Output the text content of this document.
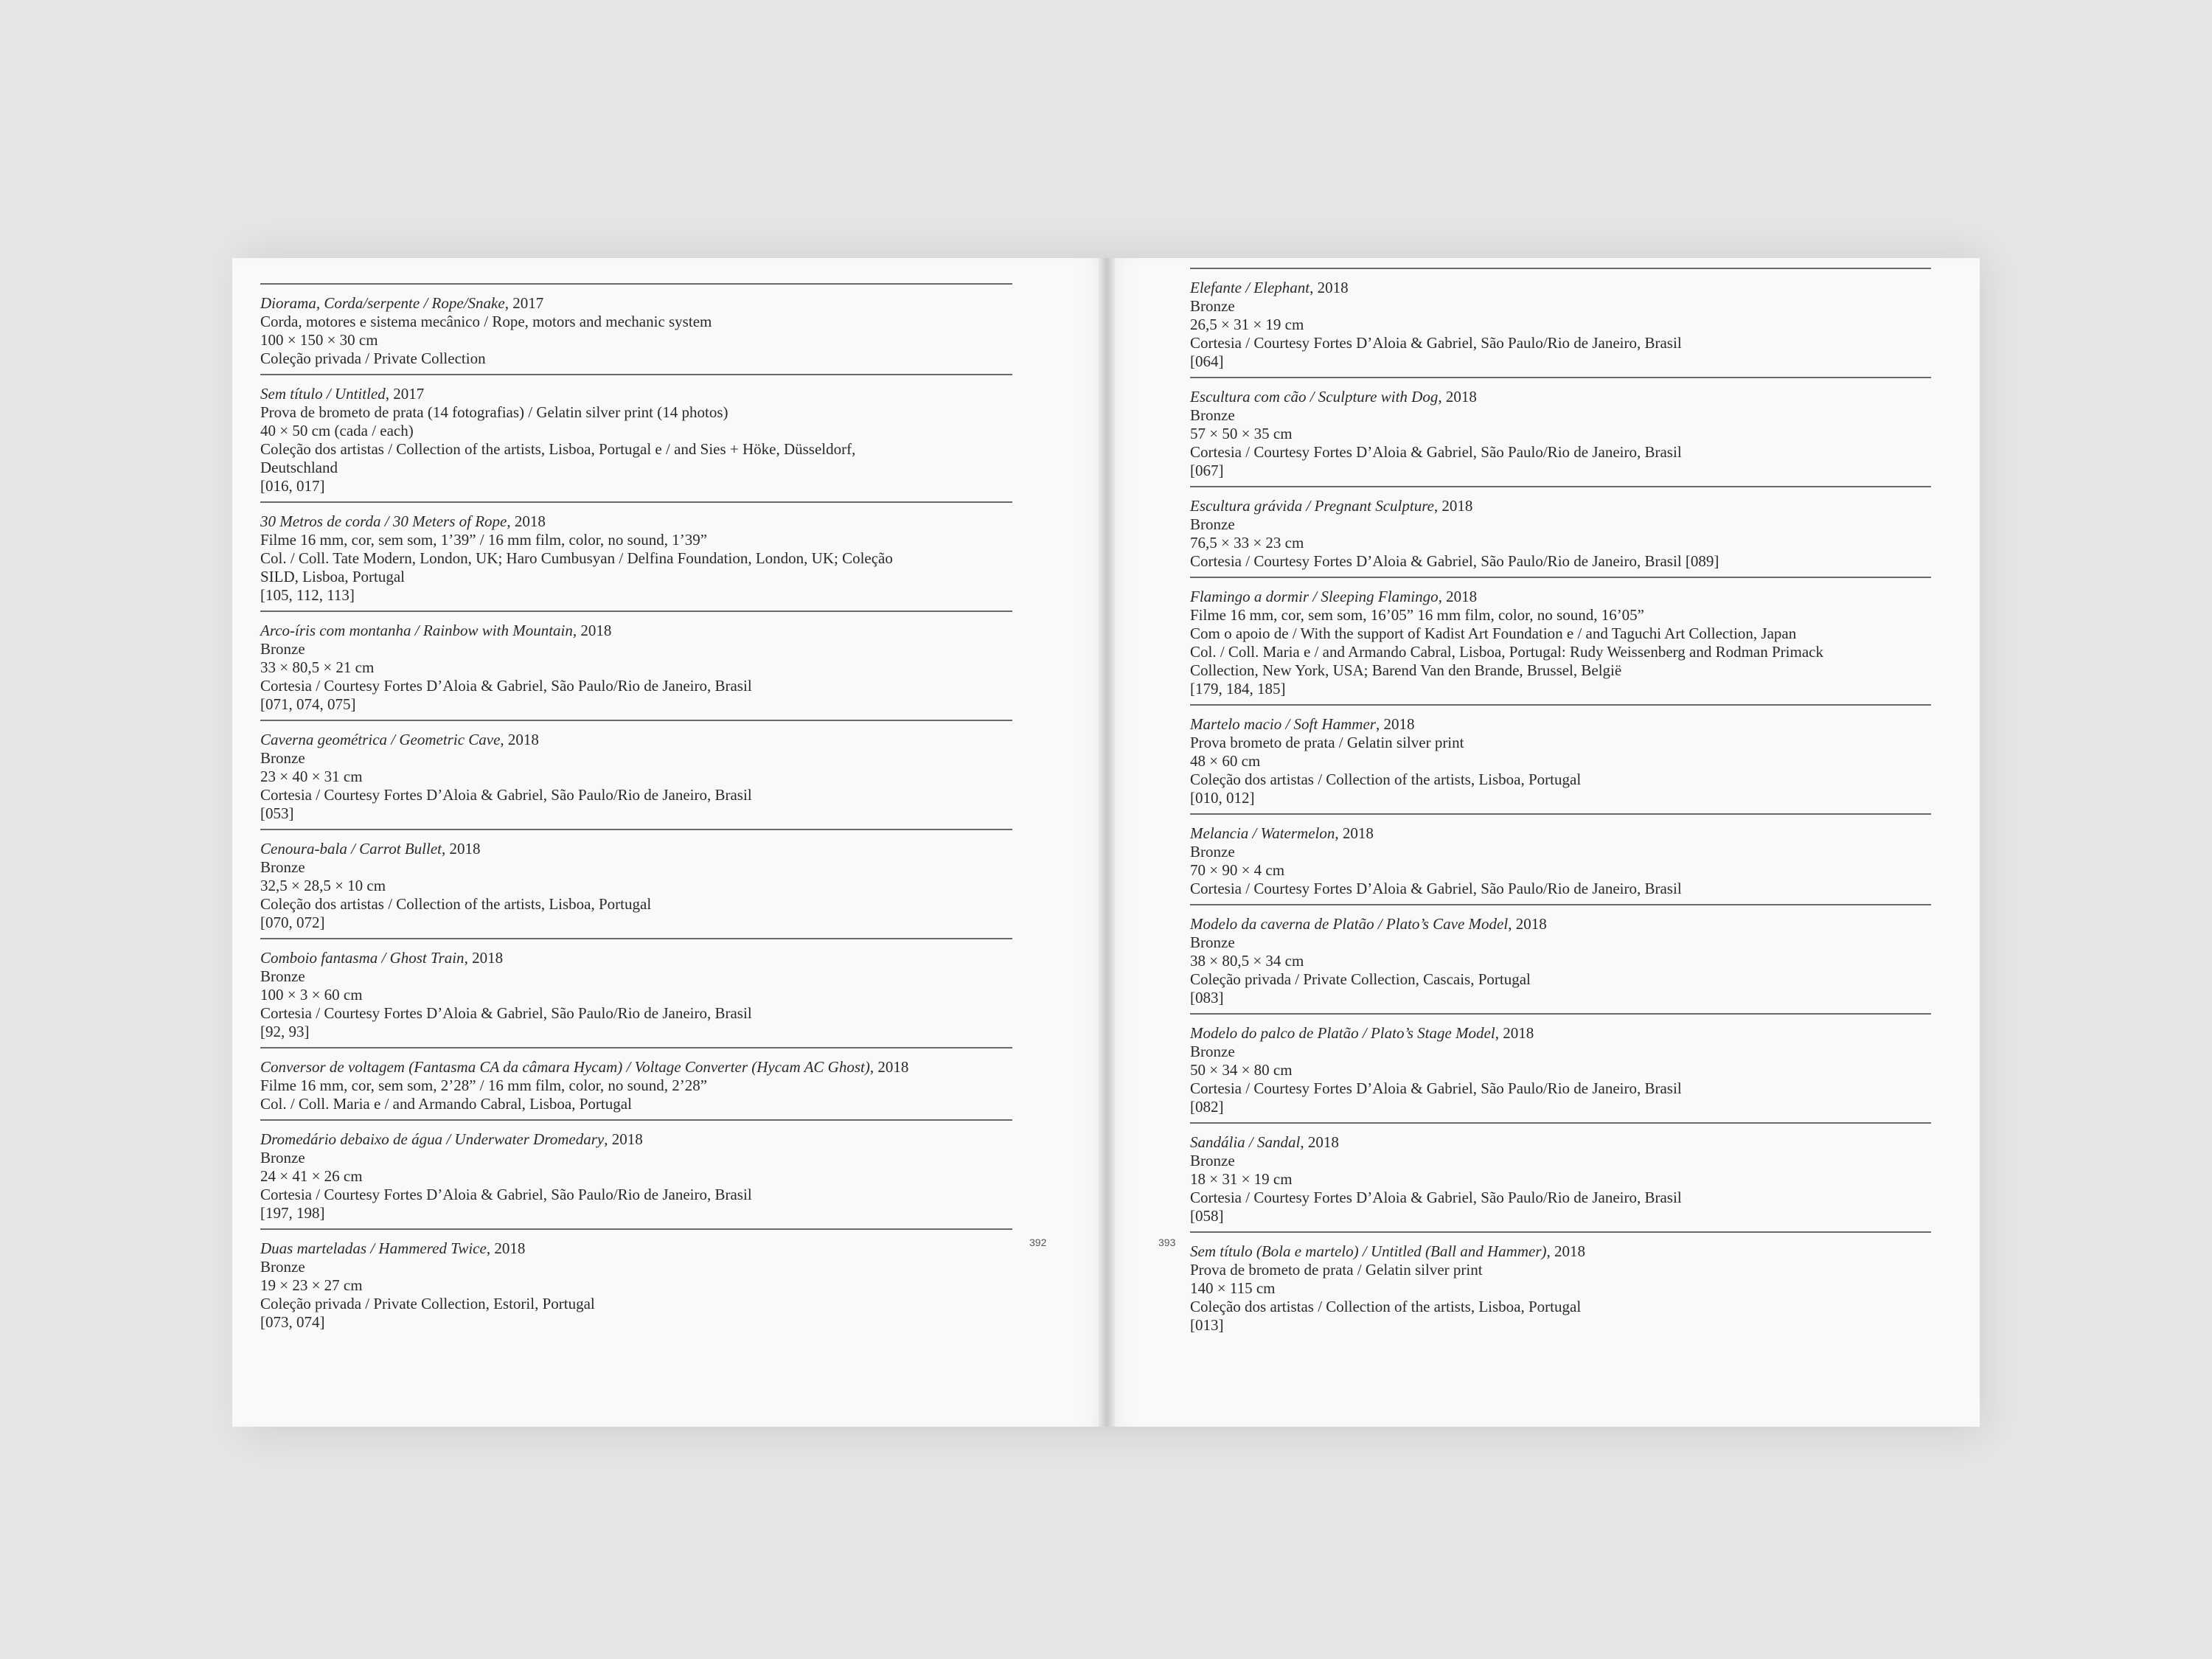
Diorama, Corda/serpente / Rope/Snake, 2017
Corda, motores e sistema mecânico / Rope, motors and mechanic system
100 × 150 × 30 cm
Coleção privada / Private Collection
Sem título / Untitled, 2017
Prova de brometo de prata (14 fotografias) / Gelatin silver print (14 photos)
40 × 50 cm (cada / each)
Coleção dos artistas / Collection of the artists, Lisboa, Portugal e / and Sies + Höke, Düsseldorf,
Deutschland
[016, 017]
30 Metros de corda / 30 Meters of Rope, 2018
Filme 16 mm, cor, sem som, 1’39” / 16 mm film, color, no sound, 1’39”
Col. / Coll. Tate Modern, London, UK; Haro Cumbusyan / Delfina Foundation, London, UK; Coleção
SILD, Lisboa, Portugal
[105, 112, 113]
Arco-íris com montanha / Rainbow with Mountain, 2018
Bronze
33 × 80,5 × 21 cm
Cortesia / Courtesy Fortes D’Aloia & Gabriel, São Paulo/Rio de Janeiro, Brasil
[071, 074, 075]
Caverna geométrica / Geometric Cave, 2018
Bronze
23 × 40 × 31 cm
Cortesia / Courtesy Fortes D’Aloia & Gabriel, São Paulo/Rio de Janeiro, Brasil
[053]
Cenoura-bala / Carrot Bullet, 2018
Bronze
32,5 × 28,5 × 10 cm
Coleção dos artistas / Collection of the artists, Lisboa, Portugal
[070, 072]
Comboio fantasma / Ghost Train, 2018
Bronze
100 × 3 × 60 cm
Cortesia / Courtesy Fortes D’Aloia & Gabriel, São Paulo/Rio de Janeiro, Brasil
[92, 93]
Conversor de voltagem (Fantasma CA da câmara Hycam) / Voltage Converter (Hycam AC Ghost), 2018
Filme 16 mm, cor, sem som, 2’28” / 16 mm film, color, no sound, 2’28”
Col. / Coll. Maria e / and Armando Cabral, Lisboa, Portugal
Dromedário debaixo de água / Underwater Dromedary, 2018
Bronze
24 × 41 × 26 cm
Cortesia / Courtesy Fortes D’Aloia & Gabriel, São Paulo/Rio de Janeiro, Brasil
[197, 198]
Duas marteladas / Hammered Twice, 2018
Bronze
19 × 23 × 27 cm
Coleção privada / Private Collection, Estoril, Portugal
[073, 074]
Elefante / Elephant, 2018
Bronze
26,5 × 31 × 19 cm
Cortesia / Courtesy Fortes D’Aloia & Gabriel, São Paulo/Rio de Janeiro, Brasil
[064]
Escultura com cão / Sculpture with Dog, 2018
Bronze
57 × 50 × 35 cm
Cortesia / Courtesy Fortes D’Aloia & Gabriel, São Paulo/Rio de Janeiro, Brasil
[067]
Escultura grávida / Pregnant Sculpture, 2018
Bronze
76,5 × 33 × 23 cm
Cortesia / Courtesy Fortes D’Aloia & Gabriel, São Paulo/Rio de Janeiro, Brasil [089]
Flamingo a dormir / Sleeping Flamingo, 2018
Filme 16 mm, cor, sem som, 16’05” 16 mm film, color, no sound, 16’05”
Com o apoio de / With the support of Kadist Art Foundation e / and Taguchi Art Collection, Japan
Col. / Coll. Maria e / and Armando Cabral, Lisboa, Portugal: Rudy Weissenberg and Rodman Primack
Collection, New York, USA; Barend Van den Brande, Brussel, België
[179, 184, 185]
Martelo macio / Soft Hammer, 2018
Prova brometo de prata / Gelatin silver print
48 × 60 cm
Coleção dos artistas / Collection of the artists, Lisboa, Portugal
[010, 012]
Melancia / Watermelon, 2018
Bronze
70 × 90 × 4 cm
Cortesia / Courtesy Fortes D’Aloia & Gabriel, São Paulo/Rio de Janeiro, Brasil
Modelo da caverna de Platão / Plato’s Cave Model, 2018
Bronze
38 × 80,5 × 34 cm
Coleção privada / Private Collection, Cascais, Portugal
[083]
Modelo do palco de Platão / Plato’s Stage Model, 2018
Bronze
50 × 34 × 80 cm
Cortesia / Courtesy Fortes D’Aloia & Gabriel, São Paulo/Rio de Janeiro, Brasil
[082]
Sandália / Sandal, 2018
Bronze
18 × 31 × 19 cm
Cortesia / Courtesy Fortes D’Aloia & Gabriel, São Paulo/Rio de Janeiro, Brasil
[058]
Sem título (Bola e martelo) / Untitled (Ball and Hammer), 2018
Prova de brometo de prata / Gelatin silver print
140 × 115 cm
Coleção dos artistas / Collection of the artists, Lisboa, Portugal
[013]
392	393
